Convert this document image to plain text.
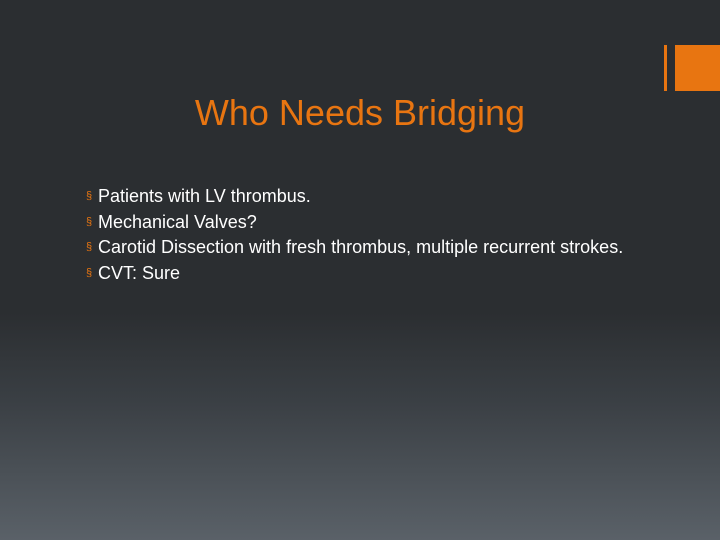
Who Needs Bridging
§ Patients with LV thrombus.
§ Mechanical Valves?
§ Carotid Dissection with fresh thrombus, multiple recurrent strokes.
§ CVT: Sure
